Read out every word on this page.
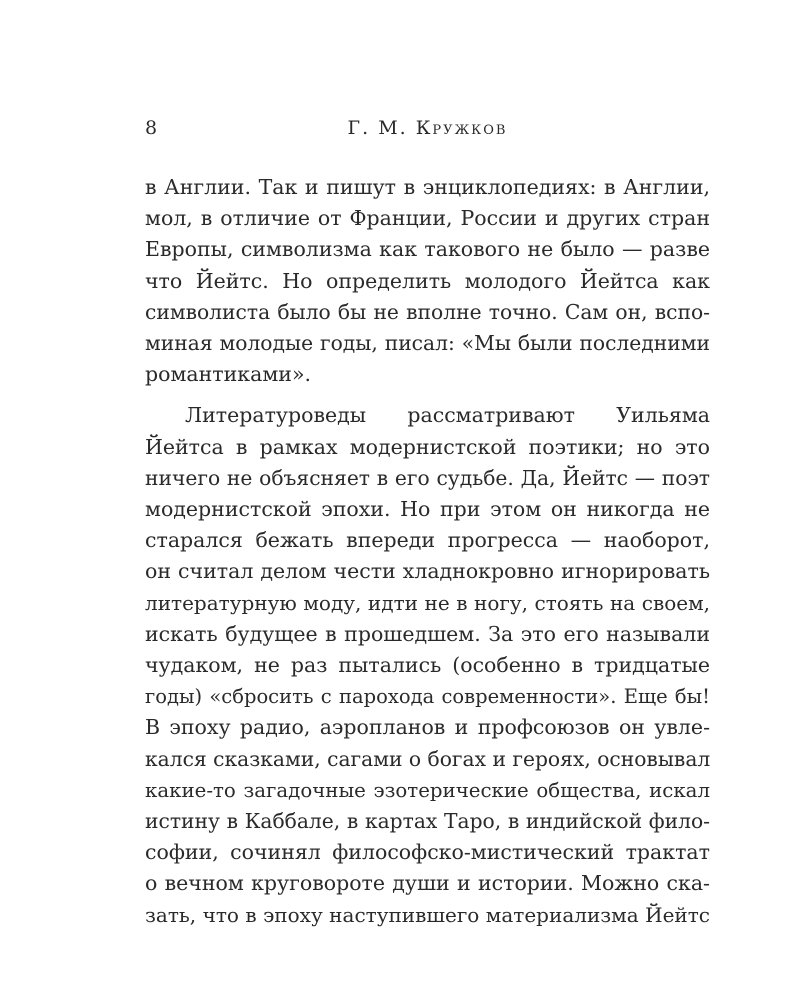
8	Г. М. Кружков

в Англии. Так и пишут в энциклопедиях: в Англии,
мол, в отличие от Франции, России и других стран
Европы, символизма как такового не было — разве
что Йейтс. Но определить молодого Йейтса как
символиста было бы не вполне точно. Сам он, вспо-
миная молодые годы, писал: «Мы были последними
романтиками».

Литературоведы рассматривают Уильяма
Йейтса в рамках модернистской поэтики; но это
ничего не объясняет в его судьбе. Да, Йейтс — поэт
модернистской эпохи. Но при этом он никогда не
старался бежать впереди прогресса — наоборот,
он считал делом чести хладнокровно игнорировать
литературную моду, идти не в ногу, стоять на своем,
искать будущее в прошедшем. За это его называли
чудаком, не раз пытались (особенно в тридцатые
годы) «сбросить с парохода современности». Еще бы!
В эпоху радио, аэропланов и профсоюзов он увле-
кался сказками, сагами о богах и героях, основывал
какие-то загадочные эзотерические общества, искал
истину в Каббале, в картах Таро, в индийской фило-
софии, сочинял философско-мистический трактат
о вечном круговороте души и истории. Можно ска-
зать, что в эпоху наступившего материализма Йейтс
